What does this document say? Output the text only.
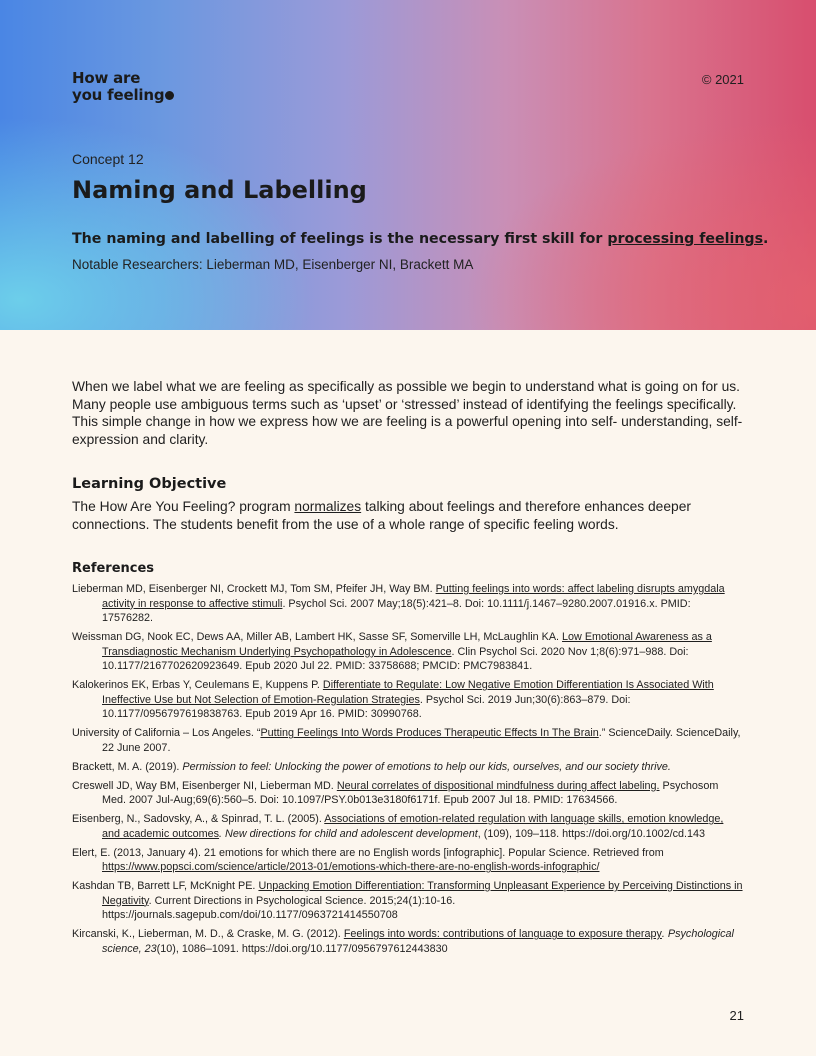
How are
you feeling
© 2021
Concept 12
Naming and Labelling
The naming and labelling of feelings is the necessary first skill for processing feelings.
Notable Researchers: Lieberman MD, Eisenberger NI, Brackett MA

When we label what we are feeling as specifically as possible we begin to understand what is going on for us. Many people use ambiguous terms such as ‘upset’ or ‘stressed’ instead of identifying the feelings specifically. This simple change in how we express how we are feeling is a powerful opening into self- understanding, self-expression and clarity.

Learning Objective

The How Are You Feeling? program normalizes talking about feelings and therefore enhances deeper connections. The students benefit from the use of a whole range of specific feeling words.

References
Lieberman MD, Eisenberger NI, Crockett MJ, Tom SM, Pfeifer JH, Way BM. Putting feelings into words: affect labeling disrupts amygdala activity in response to affective stimuli. Psychol Sci. 2007 May;18(5):421–8. Doi: 10.1111/j.1467–9280.2007.01916.x. PMID: 17576282.
Weissman DG, Nook EC, Dews AA, Miller AB, Lambert HK, Sasse SF, Somerville LH, McLaughlin KA. Low Emotional Awareness as a Transdiagnostic Mechanism Underlying Psychopathology in Adolescence. Clin Psychol Sci. 2020 Nov 1;8(6):971–988. Doi: 10.1177/2167702620923649. Epub 2020 Jul 22. PMID: 33758688; PMCID: PMC7983841.
Kalokerinos EK, Erbas Y, Ceulemans E, Kuppens P. Differentiate to Regulate: Low Negative Emotion Differentiation Is Associated With Ineffective Use but Not Selection of Emotion-Regulation Strategies. Psychol Sci. 2019 Jun;30(6):863–879. Doi: 10.1177/0956797619838763. Epub 2019 Apr 16. PMID: 30990768.
University of California – Los Angeles. “Putting Feelings Into Words Produces Therapeutic Effects In The Brain.” ScienceDaily. ScienceDaily, 22 June 2007.
Brackett, M. A. (2019). Permission to feel: Unlocking the power of emotions to help our kids, ourselves, and our society thrive.
Creswell JD, Way BM, Eisenberger NI, Lieberman MD. Neural correlates of dispositional mindfulness during affect labeling. Psychosom Med. 2007 Jul-Aug;69(6):560–5. Doi: 10.1097/PSY.0b013e3180f6171f. Epub 2007 Jul 18. PMID: 17634566.
Eisenberg, N., Sadovsky, A., & Spinrad, T. L. (2005). Associations of emotion-related regulation with language skills, emotion knowledge, and academic outcomes. New directions for child and adolescent development, (109), 109–118. https://doi.org/10.1002/cd.143
Elert, E. (2013, January 4). 21 emotions for which there are no English words [infographic]. Popular Science. Retrieved from https://www.popsci.com/science/article/2013-01/emotions-which-there-are-no-english-words-infographic/
Kashdan TB, Barrett LF, McKnight PE. Unpacking Emotion Differentiation: Transforming Unpleasant Experience by Perceiving Distinctions in Negativity. Current Directions in Psychological Science. 2015;24(1):10-16. https://journals.sagepub.com/doi/10.1177/0963721414550708
Kircanski, K., Lieberman, M. D., & Craske, M. G. (2012). Feelings into words: contributions of language to exposure therapy. Psychological science, 23(10), 1086–1091. https://doi.org/10.1177/0956797612443830
21
